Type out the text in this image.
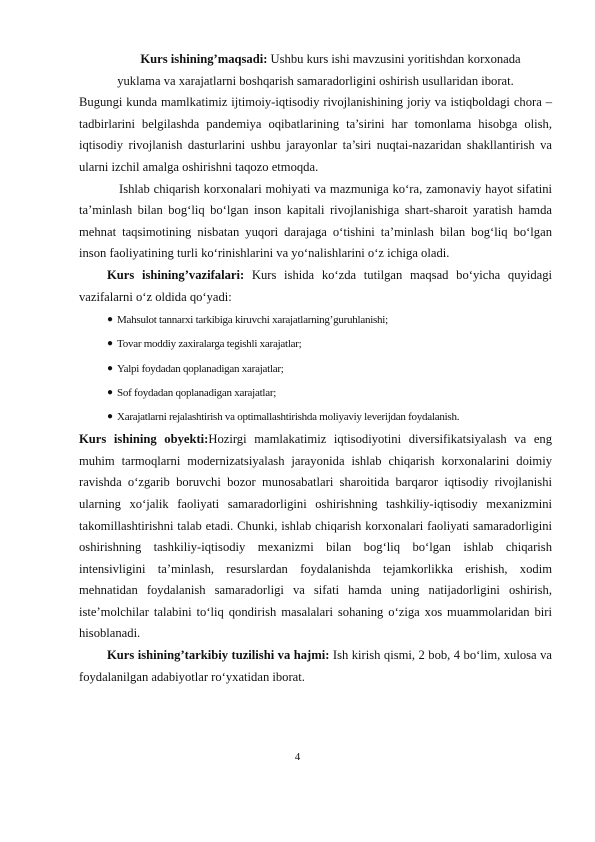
Kurs ishining’maqsadi: Ushbu kurs ishi mavzusini yoritishdan korxonada

yuklama va xarajatlarni boshqarish samaradorligini oshirish usullaridan iborat.

Bugungi kunda mamlkatimiz ijtimoiy-iqtisodiy rivojlanishining joriy va istiqboldagi chora – tadbirlarini belgilashda pandemiya oqibatlarining ta’sirini har tomonlama hisobga olish, iqtisodiy rivojlanish dasturlarini ushbu jarayonlar ta’siri nuqtai-nazaridan shakllantirish va ularni izchil amalga oshirishni taqozo etmoqda.

Ishlab chiqarish korxonalari mohiyati va mazmuniga ko‘ra, zamonaviy hayot sifatini ta’minlash bilan bog‘liq bo‘lgan inson kapitali rivojlanishiga shart-sharoit yaratish hamda mehnat taqsimotining nisbatan yuqori darajaga o‘tishini ta’minlash bilan bog‘liq bo‘lgan inson faoliyatining turli ko‘rinishlarini va yo‘nalishlarini o‘z ichiga oladi.

Kurs ishining’vazifalari: Kurs ishida ko‘zda tutilgan maqsad bo‘yicha quyidagi vazifalarni o‘z oldida qo‘yadi:

● Mahsulot tannarxi tarkibiga kiruvchi xarajatlarning’guruhlanishi;
● Tovar moddiy zaxiralarga tegishli xarajatlar;
● Yalpi foydadan qoplanadigan xarajatlar;
● Sof foydadan qoplanadigan xarajatlar;
● Xarajatlarni rejalashtirish va optimallashtirishda moliyaviy leverijdan foydalanish.

Kurs ishining obyekti:Hozirgi mamlakatimiz iqtisodiyotini diversifikatsiyalash va eng muhim tarmoqlarni modernizatsiyalash jarayonida ishlab chiqarish korxonalarini doimiy ravishda o‘zgarib boruvchi bozor munosabatlari sharoitida barqaror iqtisodiy rivojlanishi ularning xo‘jalik faoliyati samaradorligini oshirishning tashkiliy-iqtisodiy mexanizmini takomillashtirishni talab etadi. Chunki, ishlab chiqarish korxonalari faoliyati samaradorligini oshirishning tashkiliy-iqtisodiy mexanizmi bilan bog‘liq bo‘lgan ishlab chiqarish intensivligini ta’minlash, resurslardan foydalanishda tejamkorlikka erishish, xodim mehnatidan foydalanish samaradorligi va sifati hamda uning natijadorligini oshirish, iste’molchilar talabini to‘liq qondirish masalalari sohaning o‘ziga xos muammolaridan biri hisoblanadi.

Kurs ishining’tarkibiy tuzilishi va hajmi: Ish kirish qismi, 2 bob, 4 bo‘lim, xulosa va foydalanilgan adabiyotlar ro‘yxatidan iborat.

4
